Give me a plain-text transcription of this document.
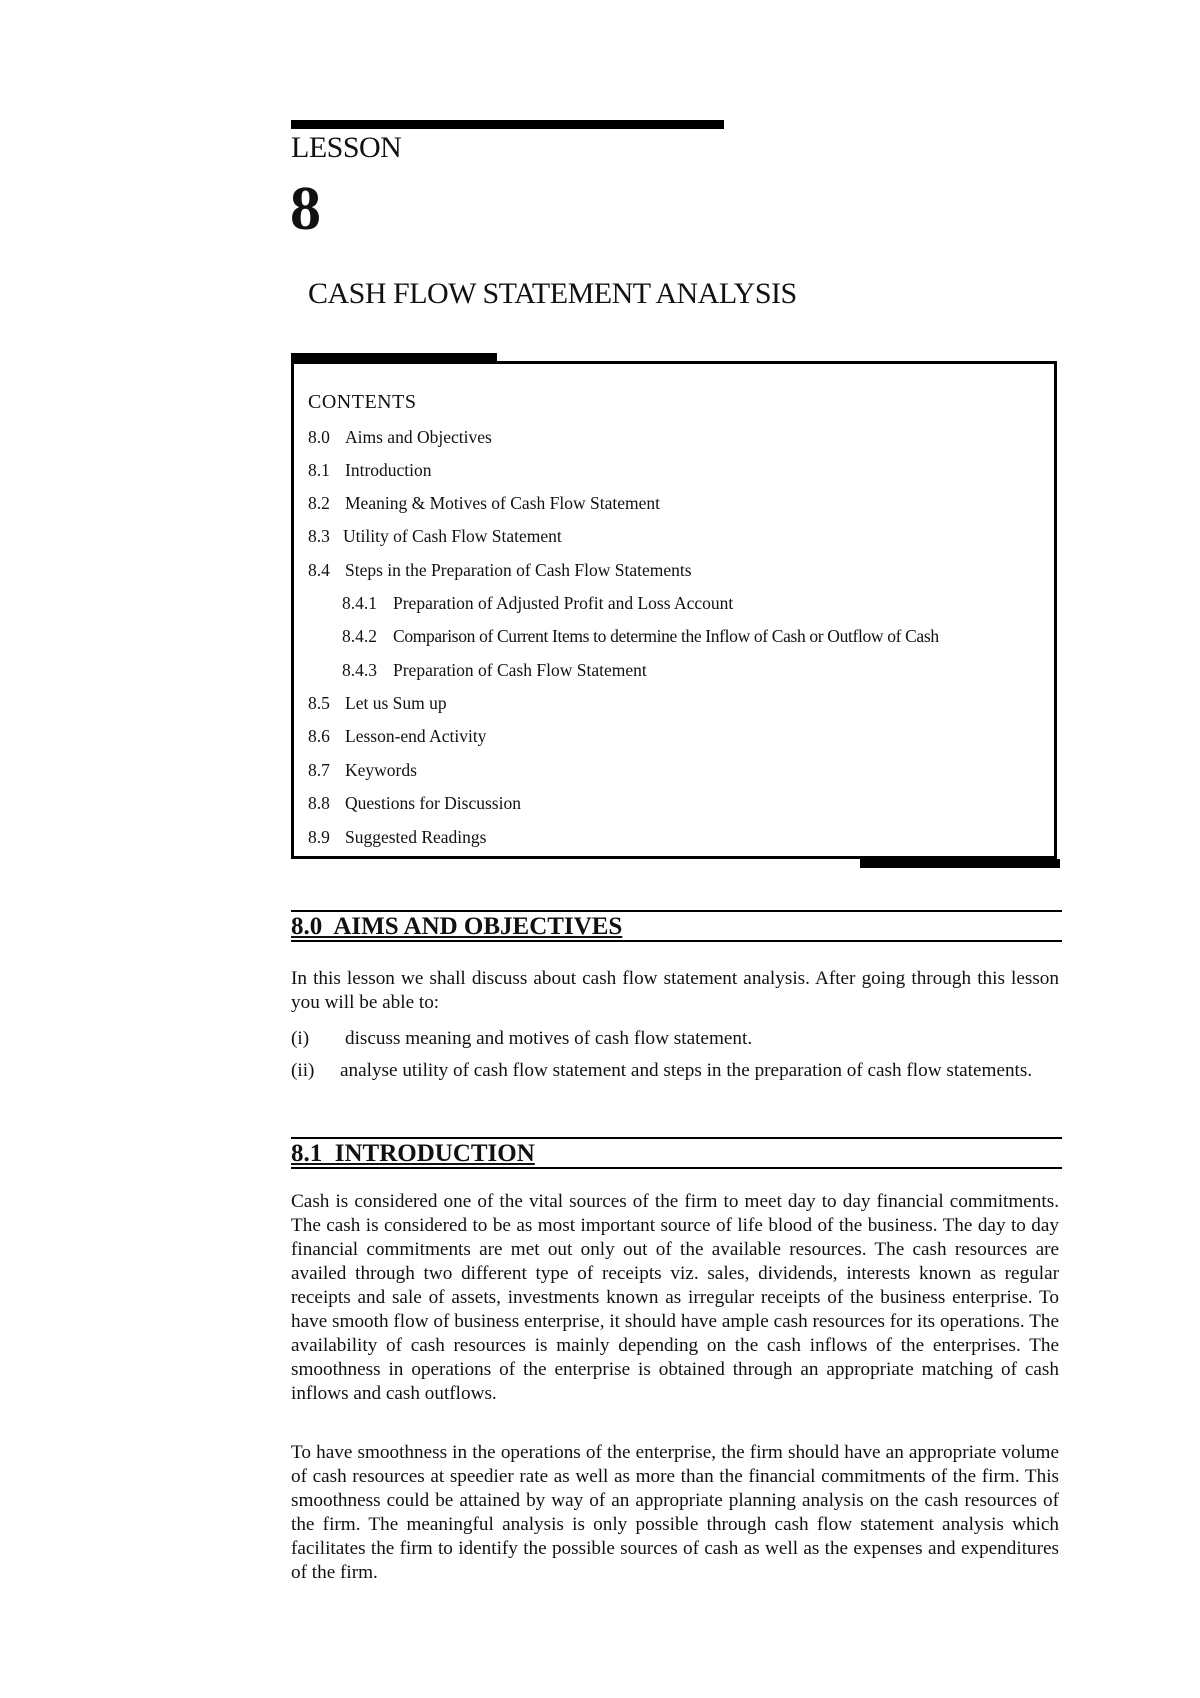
LESSON
8
CASH FLOW STATEMENT ANALYSIS
CONTENTS
8.0 Aims and Objectives
8.1 Introduction
8.2 Meaning & Motives of Cash Flow Statement
8.3 Utility of Cash Flow Statement
8.4 Steps in the Preparation of Cash Flow Statements
8.4.1 Preparation of Adjusted Profit and Loss Account
8.4.2 Comparison of Current Items to determine the Inflow of Cash or Outflow of Cash
8.4.3 Preparation of Cash Flow Statement
8.5 Let us Sum up
8.6 Lesson-end Activity
8.7 Keywords
8.8 Questions for Discussion
8.9 Suggested Readings
8.0  AIMS AND OBJECTIVES
In this lesson we shall discuss about cash flow statement analysis. After going through this lesson you will be able to:
(i) discuss meaning and motives of cash flow statement.
(ii) analyse utility of cash flow statement and steps in the preparation of cash flow statements.
8.1  INTRODUCTION
Cash is considered one of the vital sources of the firm to meet day to day financial commitments. The cash is considered to be as most important source of life blood of the business. The day to day financial commitments are met out only out of the available resources. The cash resources are availed through two different type of receipts viz. sales, dividends, interests known as regular receipts and sale of assets, investments known as irregular receipts of the business enterprise. To have smooth flow of business enterprise, it should have ample cash resources for its operations. The availability of cash resources is mainly depending on the cash inflows of the enterprises. The smoothness in operations of the enterprise is obtained through an appropriate matching of cash inflows and cash outflows.
To have smoothness in the operations of the enterprise, the firm should have an appropriate volume of cash resources at speedier rate as well as more than the financial commitments of the firm. This smoothness could be attained by way of an appropriate planning analysis on the cash resources of the firm. The meaningful analysis is only possible through cash flow statement analysis which facilitates the firm to identify the possible sources of cash as well as the expenses and expenditures of the firm.
